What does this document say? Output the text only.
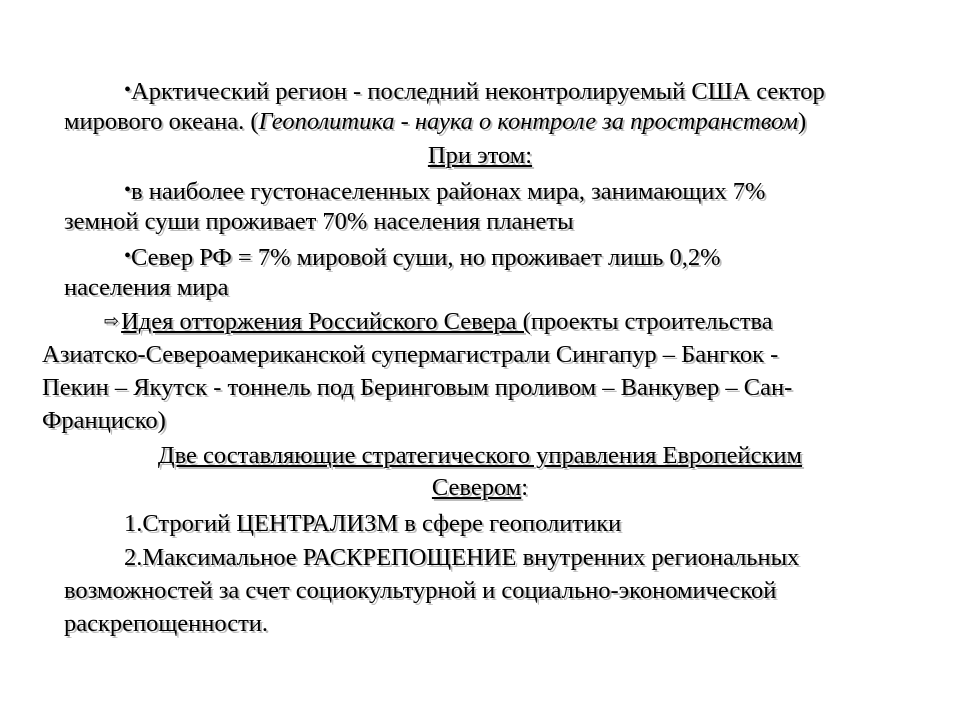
•Арктический регион - последний неконтролируемый США сектор
мирового океана. (Геополитика - наука о контроле за пространством)
При этом:
•в наиболее густонаселенных районах мира, занимающих 7%
земной суши проживает 70% населения планеты
•Север РФ = 7% мировой суши, но проживает лишь 0,2%
населения мира
⇨Идея отторжения Российского Севера (проекты строительства
Азиатско-Североамериканской супермагистрали Сингапур – Бангкок -
Пекин – Якутск - тоннель под Беринговым проливом – Ванкувер – Сан-
Франциско)
Две составляющие стратегического управления Европейским
Севером:
1.Строгий ЦЕНТРАЛИЗМ в сфере геополитики
2.Максимальное РАСКРЕПОЩЕНИЕ внутренних региональных
возможностей за счет социокультурной и социально-экономической
раскрепощенности.
